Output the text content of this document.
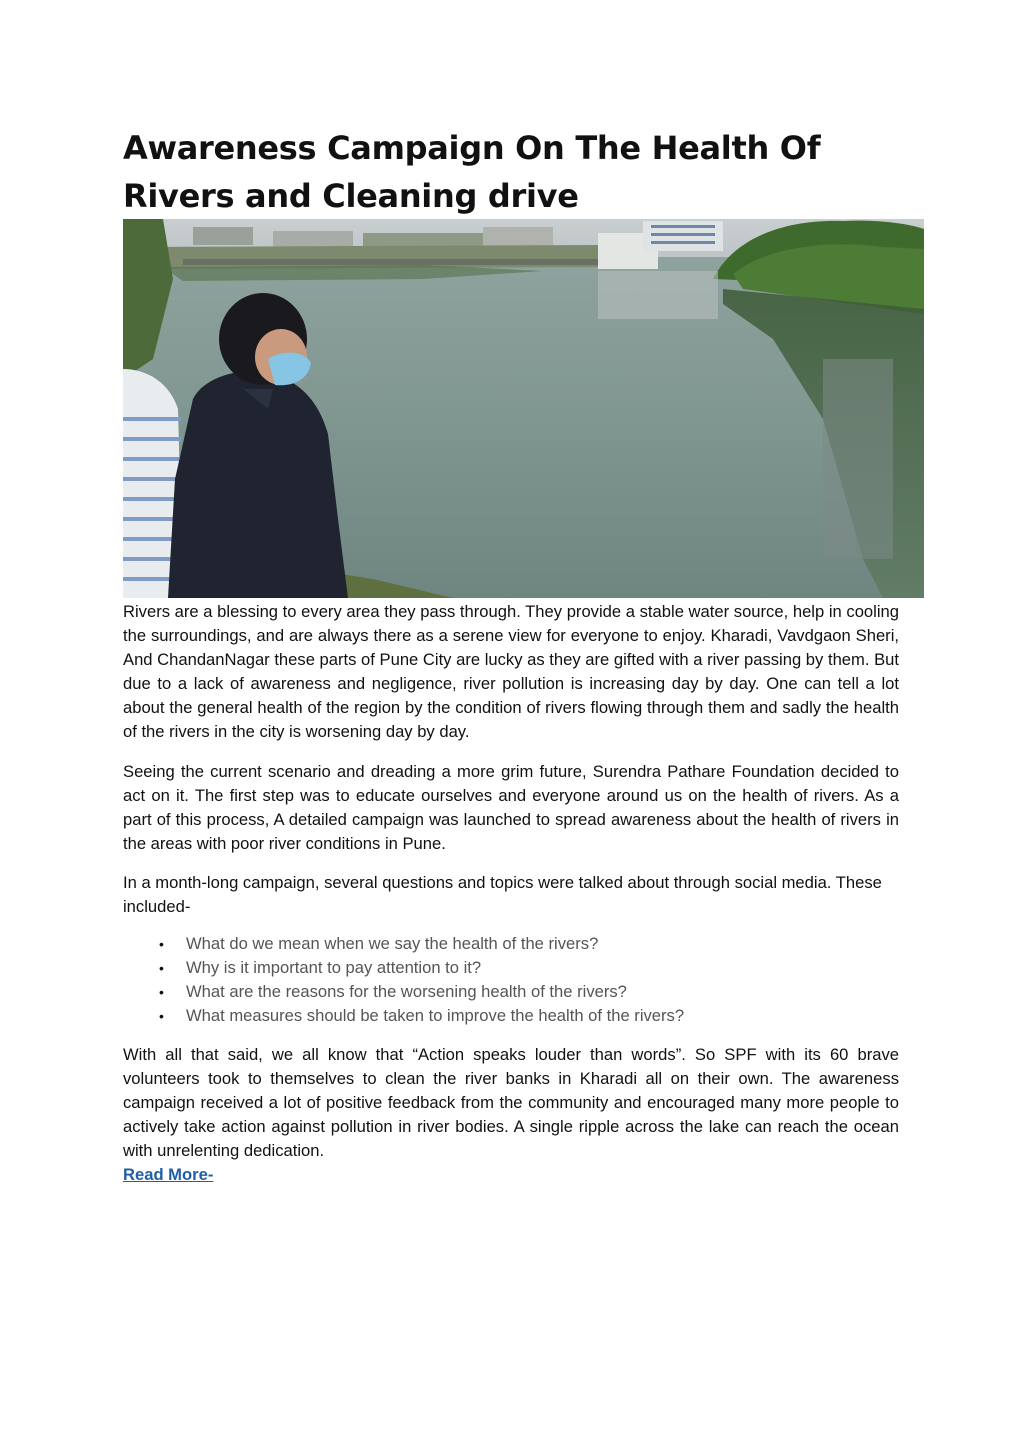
Awareness Campaign On The Health Of Rivers and Cleaning drive

Rivers are a blessing to every area they pass through. They provide a stable water source, help in cooling the surroundings, and are always there as a serene view for everyone to enjoy. Kharadi, Vavdgaon Sheri, And ChandanNagar these parts of Pune City are lucky as they are gifted with a river passing by them. But due to a lack of awareness and negligence, river pollution is increasing day by day. One can tell a lot about the general health of the region by the condition of rivers flowing through them and sadly the health of the rivers in the city is worsening day by day.

Seeing the current scenario and dreading a more grim future, Surendra Pathare Foundation decided to act on it. The first step was to educate ourselves and everyone around us on the health of rivers. As a part of this process, A detailed campaign was launched to spread awareness about the health of rivers in the areas with poor river conditions in Pune.

In a month-long campaign, several questions and topics were talked about through social media. These included-

• What do we mean when we say the health of the rivers?
• Why is it important to pay attention to it?
• What are the reasons for the worsening health of the rivers?
• What measures should be taken to improve the health of the rivers?

With all that said, we all know that “Action speaks louder than words”. So SPF with its 60 brave volunteers took to themselves to clean the river banks in Kharadi all on their own. The awareness campaign received a lot of positive feedback from the community and encouraged many more people to actively take action against pollution in river bodies. A single ripple across the lake can reach the ocean with unrelenting dedication.

Read More-
